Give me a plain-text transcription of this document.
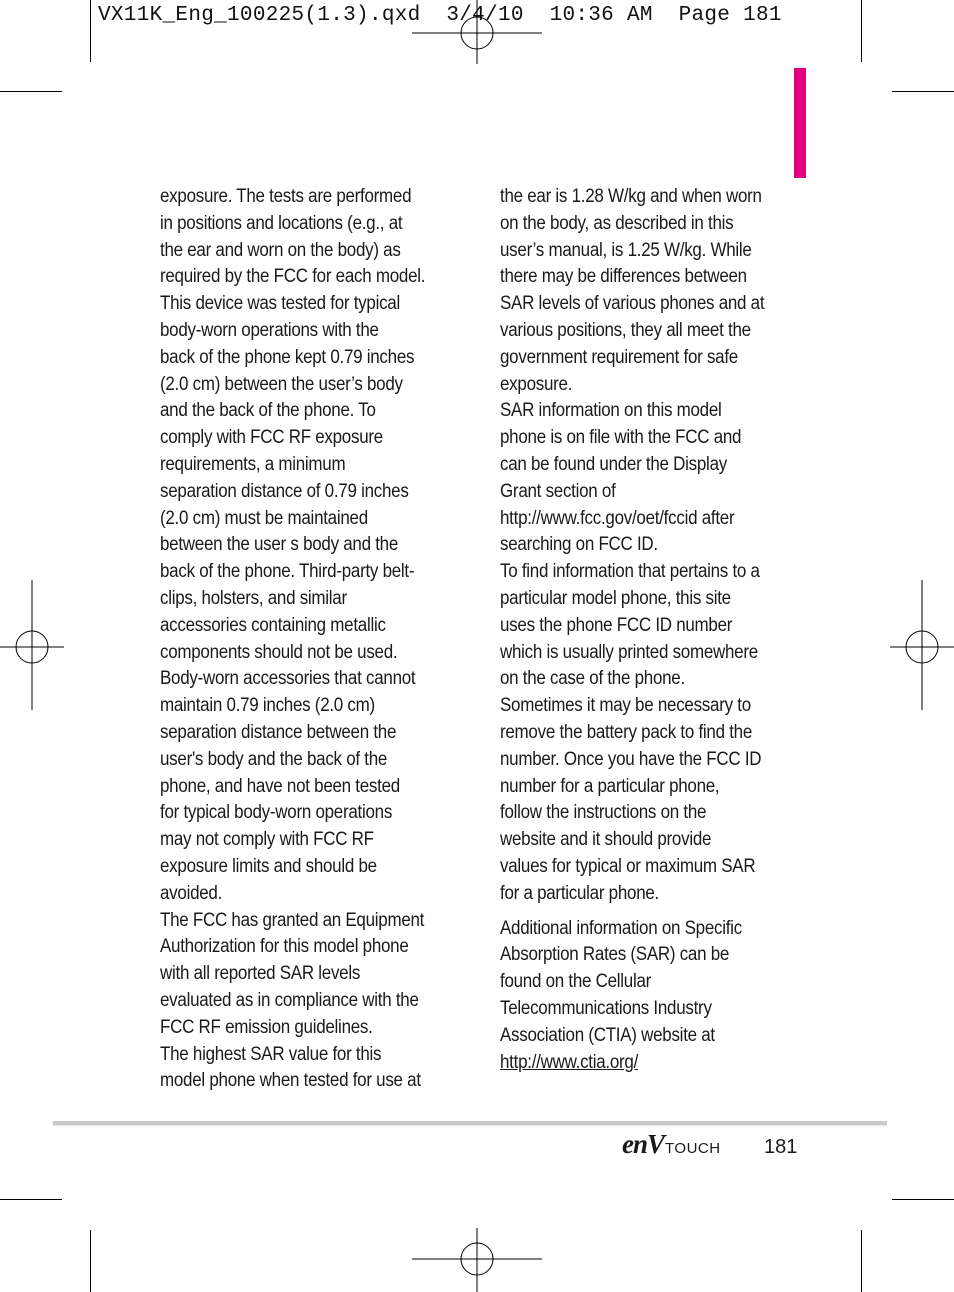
VX11K_Eng_100225(1.3).qxd  3/4/10  10:36 AM  Page 181
exposure. The tests are performed
in positions and locations (e.g., at
the ear and worn on the body) as
required by the FCC for each model.
This device was tested for typical
body-worn operations with the
back of the phone kept 0.79 inches
(2.0 cm) between the user’s body
and the back of the phone. To
comply with FCC RF exposure
requirements, a minimum
separation distance of 0.79 inches
(2.0 cm) must be maintained
between the user s body and the
back of the phone. Third-party belt-
clips, holsters, and similar
accessories containing metallic
components should not be used.
Body-worn accessories that cannot
maintain 0.79 inches (2.0 cm)
separation distance between the
user's body and the back of the
phone, and have not been tested
for typical body-worn operations
may not comply with FCC RF
exposure limits and should be
avoided.
The FCC has granted an Equipment
Authorization for this model phone
with all reported SAR levels
evaluated as in compliance with the
FCC RF emission guidelines.
The highest SAR value for this
model phone when tested for use at
the ear is 1.28 W/kg and when worn
on the body, as described in this
user’s manual, is 1.25 W/kg. While
there may be differences between
SAR levels of various phones and at
various positions, they all meet the
government requirement for safe
exposure.
SAR information on this model
phone is on file with the FCC and
can be found under the Display
Grant section of
http://www.fcc.gov/oet/fccid after
searching on FCC ID.
To find information that pertains to a
particular model phone, this site
uses the phone FCC ID number
which is usually printed somewhere
on the case of the phone.
Sometimes it may be necessary to
remove the battery pack to find the
number. Once you have the FCC ID
number for a particular phone,
follow the instructions on the
website and it should provide
values for typical or maximum SAR
for a particular phone.
Additional information on Specific
Absorption Rates (SAR) can be
found on the Cellular
Telecommunications Industry
Association (CTIA) website at
http://www.ctia.org/
enV TOUCH 181
